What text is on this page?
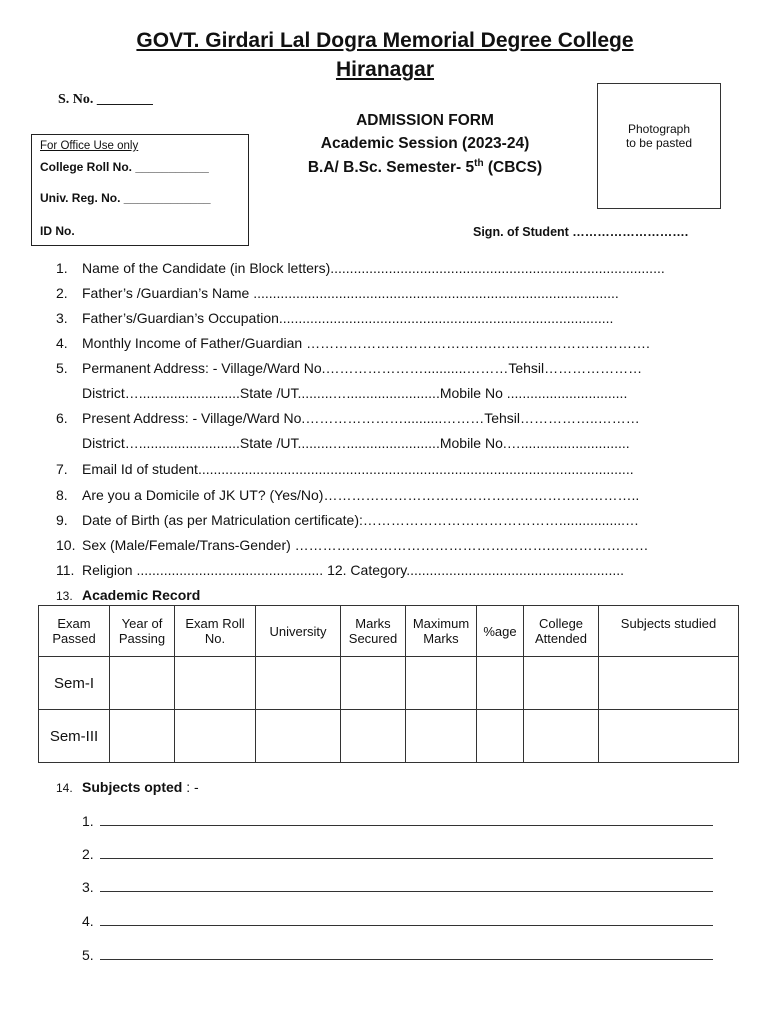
GOVT. Girdari Lal Dogra Memorial Degree College
Hiranagar
S. No. ________
ADMISSION FORM
Academic Session (2023-24)
B.A/ B.Sc. Semester- 5th (CBCS)
For Office Use only
College Roll No. ___________
Univ. Reg. No. _____________
ID No.
Photograph
to be pasted
Sign. of Student ……………………….
1. Name of the Candidate (in Block letters)......................................................................................
2. Father’s /Guardian’s Name ..............................................................................................
3. Father’s/Guardian’s Occupation......................................................................................
4. Monthly Income of Father/Guardian ………………………………….…………………………….
5. Permanent Address: - Village/Ward No.…………………...........………Tehsil…………………
District…..........................State /UT.........…........................Mobile No ...............................
6. Present Address: - Village/Ward No.…………………..........………Tehsil……………..………
District…..........................State /UT.........…........................Mobile No.…............................
7. Email Id of student................................................................................................................
8. Are you a Domicile of JK UT? (Yes/No)…………………………………………………………..
9. Date of Birth (as per Matriculation certificate):…………………………………….................…
10. Sex (Male/Female/Trans-Gender) ……………………………………………….…………………
11. Religion ................................................ 12. Category........................................................
13. Academic Record
Exam Passed	Year of Passing	Exam Roll No.	University	Marks Secured	Maximum Marks	%age	College Attended	Subjects studied
Sem-I								
Sem-III								
14. Subjects opted : -
1.
2.
3.
4.
5.
